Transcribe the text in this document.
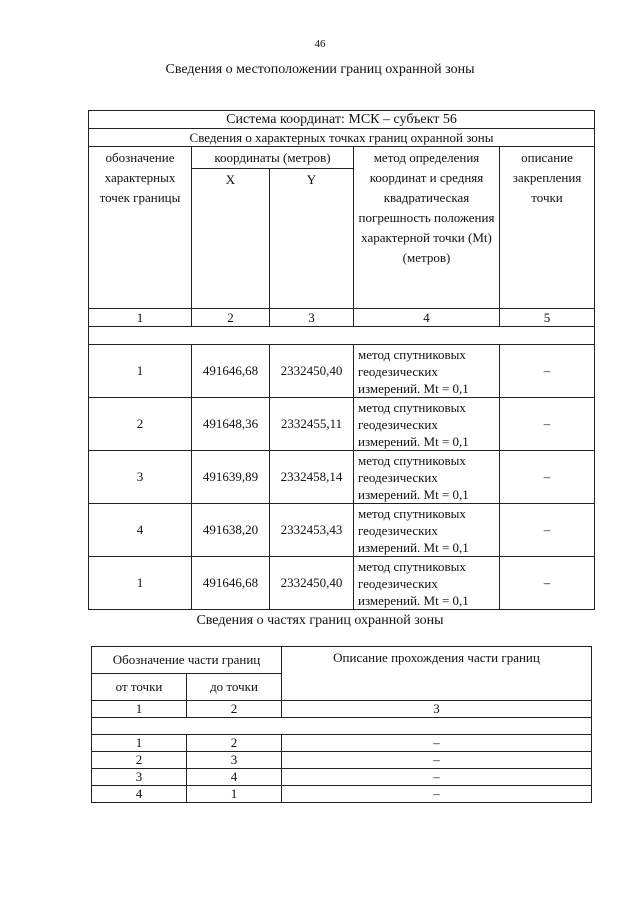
46
Сведения о местоположении границ охранной зоны
Система координат: МСК – субъект 56				
Сведения о характерных точках границ охранной зоны				
обозначение характерных точек границы	координаты (метров)		метод определения координат и средняя квадратическая погрешность положения характерной точки (Mt) (метров)	описание закрепления точки
	X	Y		
1	2	3	4	5

1	491646,68	2332450,40	метод спутниковых геодезических измерений. Mt = 0,1	–
2	491648,36	2332455,11	метод спутниковых геодезических измерений. Mt = 0,1	–
3	491639,89	2332458,14	метод спутниковых геодезических измерений. Mt = 0,1	–
4	491638,20	2332453,43	метод спутниковых геодезических измерений. Mt = 0,1	–
1	491646,68	2332450,40	метод спутниковых геодезических измерений. Mt = 0,1	–
Сведения о частях границ охранной зоны
Обозначение части границ		Описание прохождения части границ
от точки	до точки	
1	2	3

1	2	–
2	3	–
3	4	–
4	1	–
